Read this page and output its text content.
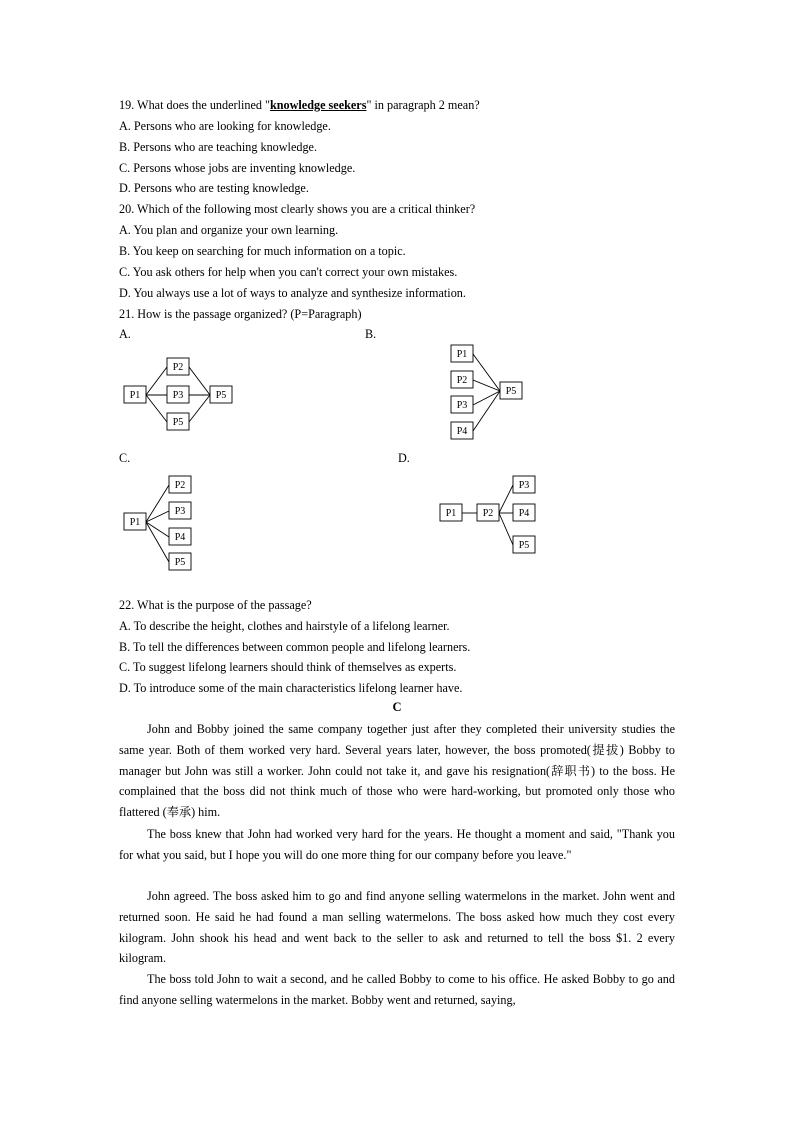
19. What does the underlined "knowledge seekers" in paragraph 2 mean?
A. Persons who are looking for knowledge.
B. Persons who are teaching knowledge.
C. Persons whose jobs are inventing knowledge.
D. Persons who are testing knowledge.
20. Which of the following most clearly shows you are a critical thinker?
A. You plan and organize your own learning.
B. You keep on searching for much information on a topic.
C. You ask others for help when you can't correct your own mistakes.
D. You always use a lot of ways to analyze and synthesize information.
21. How is the passage organized? (P=Paragraph)
A.	B.
C.	D.
P1
P2
P3
P5
P5
P1
P2
P3
P4
P5
P1
P2
P3
P4
P5
P1	P2
P3
P4
P5
22. What is the purpose of the passage?
A. To describe the height, clothes and hairstyle of a lifelong learner.
B. To tell the differences between common people and lifelong learners.
C. To suggest lifelong learners should think of themselves as experts.
D. To introduce some of the main characteristics lifelong learner have.
C

John and Bobby joined the same company together just after they completed their university studies the same year. Both of them worked very hard. Several years later, however, the boss promoted(提拔) Bobby to manager but John was still a worker. John could not take it, and gave his resignation(辞职书) to the boss. He complained that the boss did not think much of those who were hard-working, but promoted only those who flattered (奉承) him.

The boss knew that John had worked very hard for the years. He thought a moment and said, "Thank you for what you said, but I hope you will do one more thing for our company before you leave."

John agreed. The boss asked him to go and find anyone selling watermelons in the market. John went and returned soon. He said he had found a man selling watermelons. The boss asked how much they cost every kilogram. John shook his head and went back to the seller to ask and returned to tell the boss $1. 2 every kilogram.

The boss told John to wait a second, and he called Bobby to come to his office. He asked Bobby to go and find anyone selling watermelons in the market. Bobby went and returned, saying,
